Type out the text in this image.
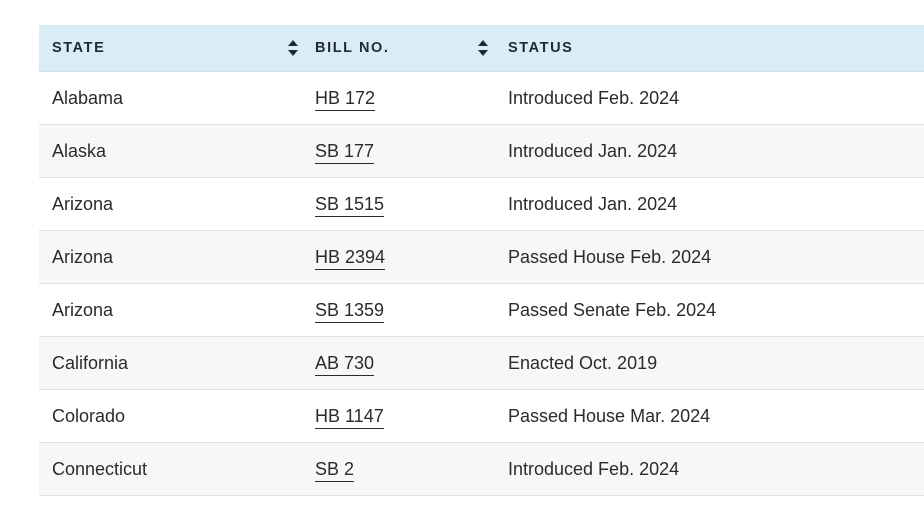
STATE	BILL NO.	STATUS
Alabama	HB 172	Introduced Feb. 2024
Alaska	SB 177	Introduced Jan. 2024
Arizona	SB 1515	Introduced Jan. 2024
Arizona	HB 2394	Passed House Feb. 2024
Arizona	SB 1359	Passed Senate Feb. 2024
California	AB 730	Enacted Oct. 2019
Colorado	HB 1147	Passed House Mar. 2024
Connecticut	SB 2	Introduced Feb. 2024
